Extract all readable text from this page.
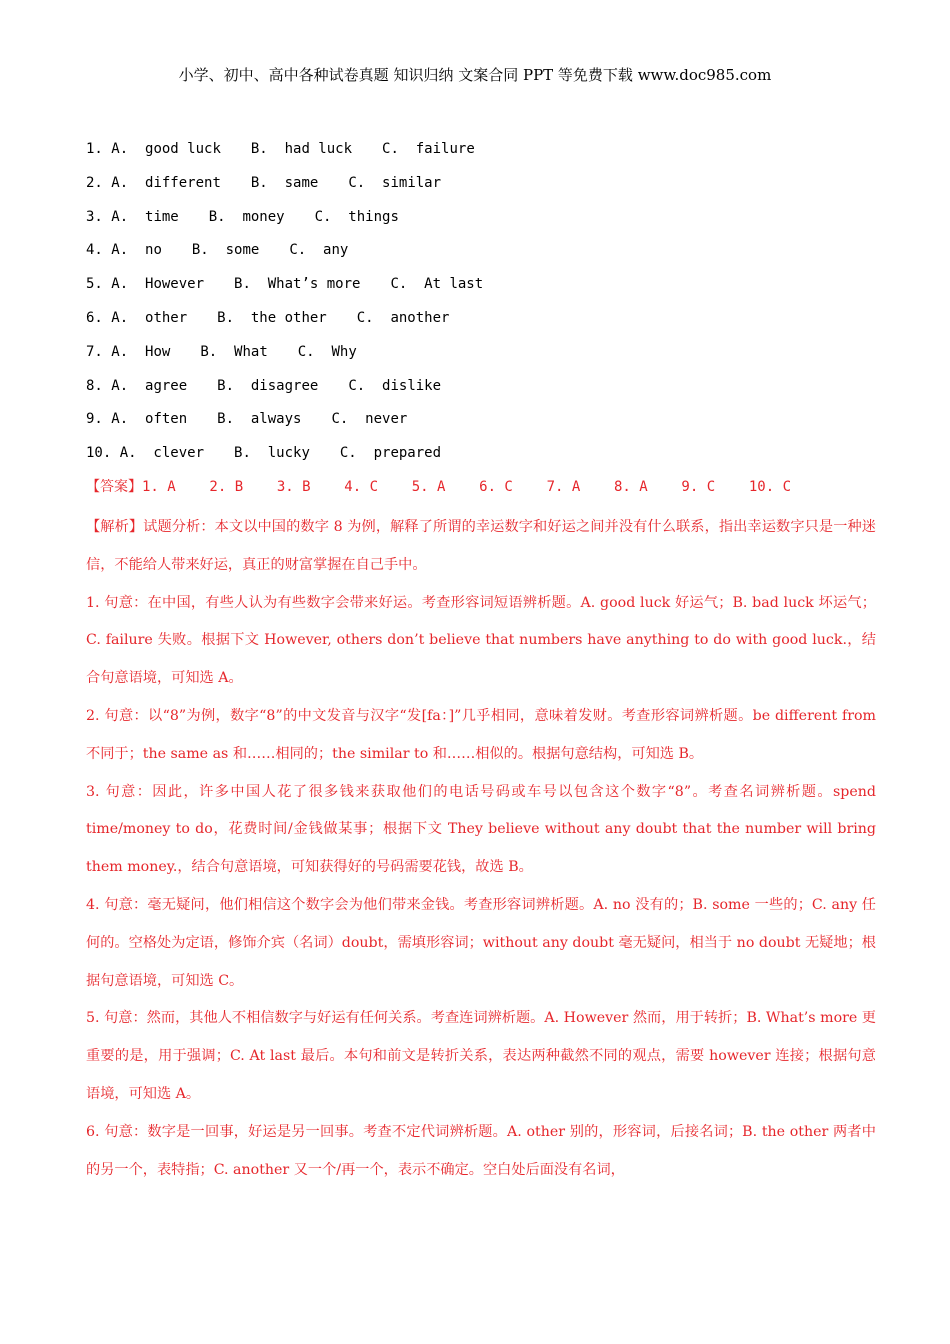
小学、初中、高中各种试卷真题 知识归纳 文案合同 PPT 等免费下载 www.doc985.com
1. A.  good luck B.  had luck C.  failure
2. A.  different B.  same C.  similar
3. A.  time B.  money C.  things
4. A.  no B.  some C.  any
5. A.  However B.  What’s more C.  At last
6. A.  other B.  the other C.  another
7. A.  How B.  What C.  Why
8. A.  agree B.  disagree C.  dislike
9. A.  often B.  always C.  never
10. A.  clever B.  lucky C.  prepared
【答案】1. A    2. B    3. B    4. C    5. A    6. C    7. A    8. A    9. C    10. C

【解析】试题分析：本文以中国的数字 8 为例，解释了所谓的幸运数字和好运之间并没有什么联系，指出幸运数字只是一种迷信，不能给人带来好运，真正的财富掌握在自己手中。

1. 句意：在中国，有些人认为有些数字会带来好运。考查形容词短语辨析题。A. good luck 好运气；B. bad luck 坏运气；C. failure 失败。根据下文 However, others don’t believe that numbers have anything to do with good luck.，结合句意语境，可知选 A。

2. 句意：以“8”为例，数字“8”的中文发音与汉字“发[fa：]”几乎相同，意味着发财。考查形容词辨析题。be different from 不同于；the same as 和……相同的；the similar to 和……相似的。根据句意结构，可知选 B。

3. 句意：因此，许多中国人花了很多钱来获取他们的电话号码或车号以包含这个数字“8”。考查名词辨析题。spend time/money to do，花费时间/金钱做某事；根据下文 They believe without any doubt that the number will bring them money.，结合句意语境，可知获得好的号码需要花钱，故选 B。

4. 句意：毫无疑问，他们相信这个数字会为他们带来金钱。考查形容词辨析题。A. no 没有的；B. some 一些的；C. any 任何的。空格处为定语，修饰介宾（名词）doubt，需填形容词；without any doubt 毫无疑问，相当于 no doubt 无疑地；根据句意语境，可知选 C。

5. 句意：然而，其他人不相信数字与好运有任何关系。考查连词辨析题。A. However 然而，用于转折；B. What’s more 更重要的是，用于强调；C. At last 最后。本句和前文是转折关系，表达两种截然不同的观点，需要 however 连接；根据句意语境，可知选 A。

6. 句意：数字是一回事，好运是另一回事。考查不定代词辨析题。A. other 别的，形容词，后接名词；B. the other 两者中的另一个，表特指；C. another 又一个/再一个，表示不确定。空白处后面没有名词，
